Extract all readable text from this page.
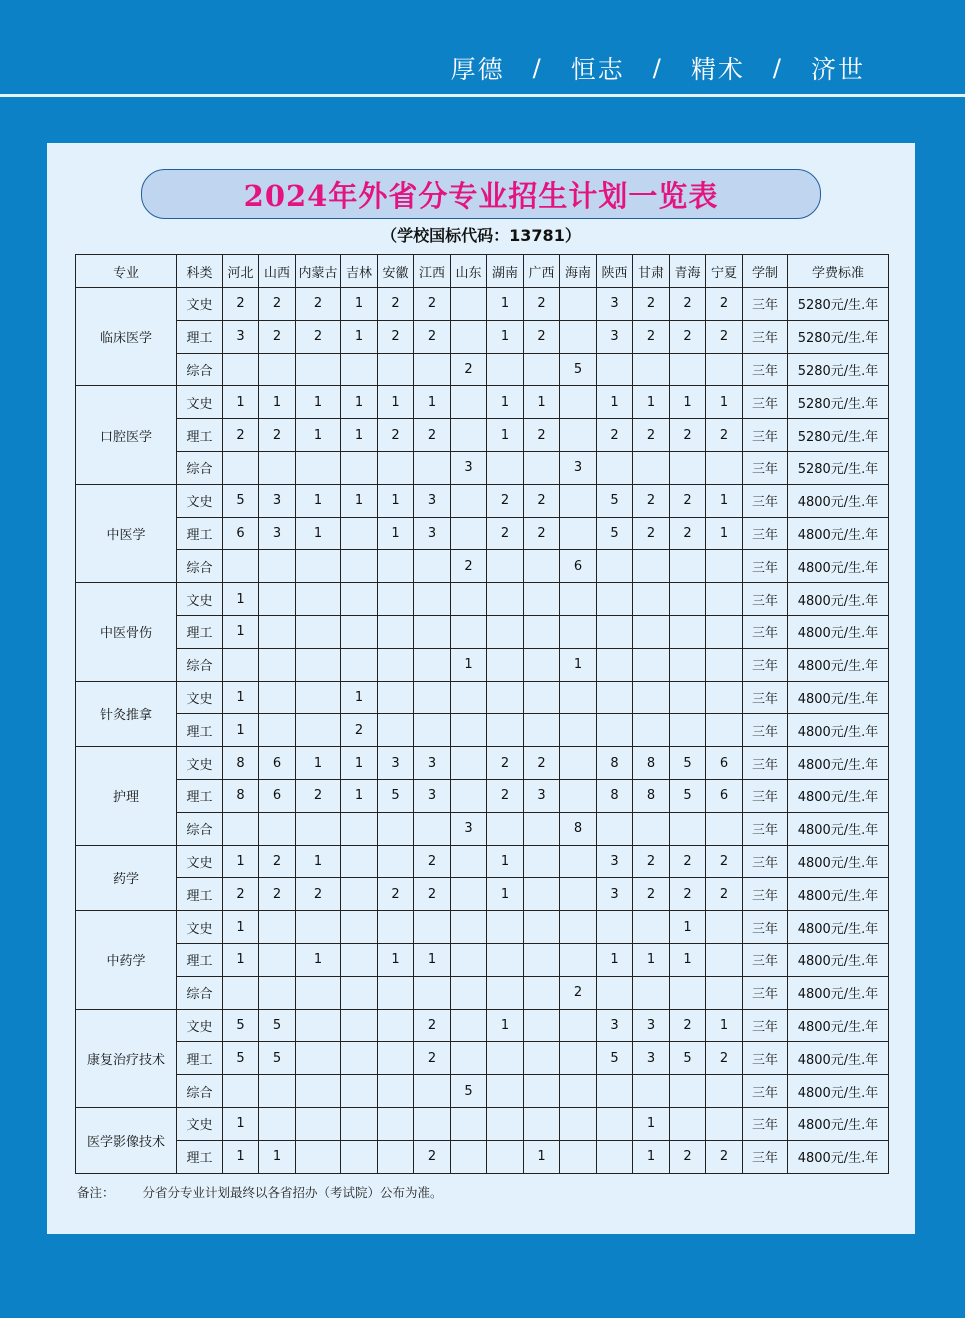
厚德 / 恒志 / 精术 / 济世
2024年外省分专业招生计划一览表
（学校国标代码：13781）
专业	科类	河北	山西	内蒙古	吉林	安徽	江西	山东	湖南	广西	海南	陕西	甘肃	青海	宁夏	学制	学费标准
临床医学	文史	2	2	2	1	2	2		1	2		3	2	2	2	三年	5280元/生.年
	理工	3	2	2	1	2	2		1	2		3	2	2	2	三年	5280元/生.年
	综合							2			5					三年	5280元/生.年
口腔医学	文史	1	1	1	1	1	1		1	1		1	1	1	1	三年	5280元/生.年
	理工	2	2	1	1	2	2		1	2		2	2	2	2	三年	5280元/生.年
	综合							3			3					三年	5280元/生.年
中医学	文史	5	3	1	1	1	3		2	2		5	2	2	1	三年	4800元/生.年
	理工	6	3	1		1	3		2	2		5	2	2	1	三年	4800元/生.年
	综合							2			6					三年	4800元/生.年
中医骨伤	文史	1														三年	4800元/生.年
	理工	1														三年	4800元/生.年
	综合							1			1					三年	4800元/生.年
针灸推拿	文史	1			1											三年	4800元/生.年
	理工	1			2											三年	4800元/生.年
护理	文史	8	6	1	1	3	3		2	2		8	8	5	6	三年	4800元/生.年
	理工	8	6	2	1	5	3		2	3		8	8	5	6	三年	4800元/生.年
	综合							3			8					三年	4800元/生.年
药学	文史	1	2	1			2		1			3	2	2	2	三年	4800元/生.年
	理工	2	2	2		2	2		1			3	2	2	2	三年	4800元/生.年
中药学	文史	1												1		三年	4800元/生.年
	理工	1		1		1	1					1	1	1		三年	4800元/生.年
	综合										2					三年	4800元/生.年
康复治疗技术	文史	5	5				2		1			3	3	2	1	三年	4800元/生.年
	理工	5	5				2					5	3	5	2	三年	4800元/生.年
	综合							5								三年	4800元/生.年
医学影像技术	文史	1											1			三年	4800元/生.年
	理工	1	1				2			1			1	2	2	三年	4800元/生.年
备注： 分省分专业计划最终以各省招办（考试院）公布为准。
